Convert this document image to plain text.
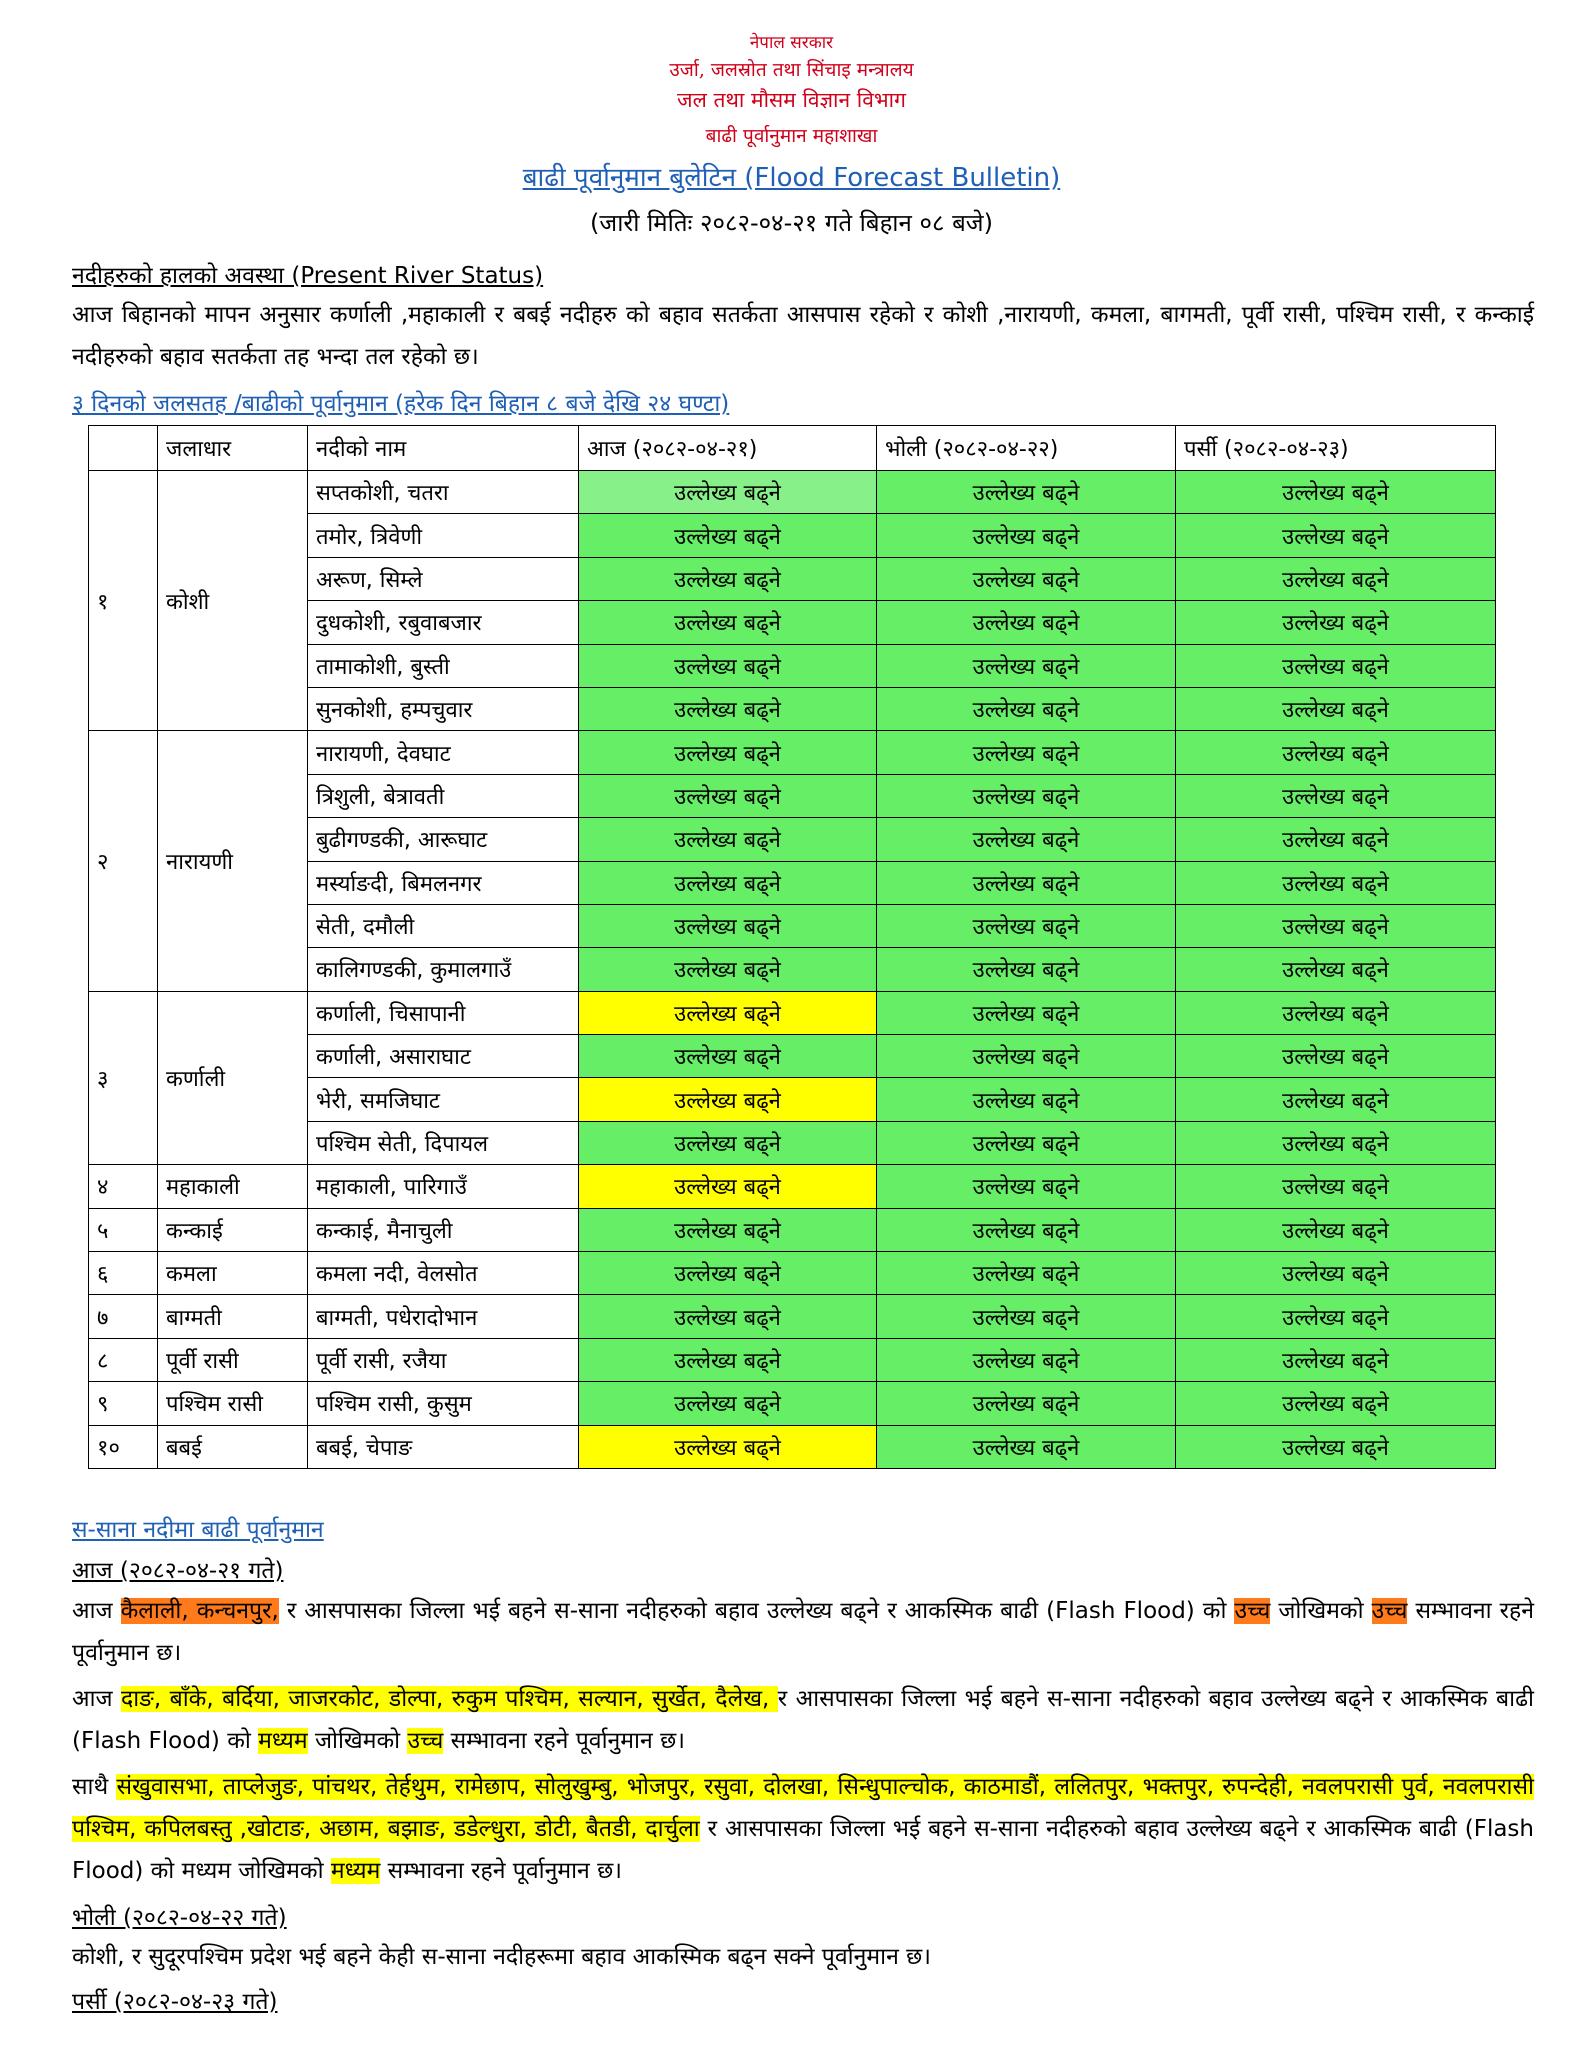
नेपाल सरकार
उर्जा, जलस्रोत तथा सिंचाइ मन्त्रालय
जल तथा मौसम विज्ञान विभाग
बाढी पूर्वानुमान महाशाखा
बाढी पूर्वानुमान बुलेटिन (Flood Forecast Bulletin)
(जारी मितिः २०८२-०४-२१ गते बिहान ०८ बजे)
नदीहरुको हालको अवस्था (Present River Status)
आज बिहानको मापन अनुसार कर्णाली ,महाकाली र बबई नदीहरु को बहाव सतर्कता आसपास रहेको र कोशी ,नारायणी, कमला, बागमती, पूर्वी रासी, पश्चिम रासी, र कन्काई नदीहरुको बहाव सतर्कता तह भन्दा तल रहेको छ।
३ दिनको जलसतह /बाढीको पूर्वानुमान (हरेक दिन बिहान ८ बजे देखि २४ घण्टा)
	जलाधार	नदीको नाम	आज (२०८२-०४-२१)	भोली (२०८२-०४-२२)	पर्सी (२०८२-०४-२३)
१	कोशी	सप्तकोशी, चतरा	उल्लेख्य बढ्ने	उल्लेख्य बढ्ने	उल्लेख्य बढ्ने
		तमोर, त्रिवेणी	उल्लेख्य बढ्ने	उल्लेख्य बढ्ने	उल्लेख्य बढ्ने
		अरूण, सिम्ले	उल्लेख्य बढ्ने	उल्लेख्य बढ्ने	उल्लेख्य बढ्ने
		दुधकोशी, रबुवाबजार	उल्लेख्य बढ्ने	उल्लेख्य बढ्ने	उल्लेख्य बढ्ने
		तामाकोशी, बुस्ती	उल्लेख्य बढ्ने	उल्लेख्य बढ्ने	उल्लेख्य बढ्ने
		सुनकोशी, हम्पचुवार	उल्लेख्य बढ्ने	उल्लेख्य बढ्ने	उल्लेख्य बढ्ने
२	नारायणी	नारायणी, देवघाट	उल्लेख्य बढ्ने	उल्लेख्य बढ्ने	उल्लेख्य बढ्ने
		त्रिशुली, बेत्रावती	उल्लेख्य बढ्ने	उल्लेख्य बढ्ने	उल्लेख्य बढ्ने
		बुढीगण्डकी, आरूघाट	उल्लेख्य बढ्ने	उल्लेख्य बढ्ने	उल्लेख्य बढ्ने
		मर्स्याङदी, बिमलनगर	उल्लेख्य बढ्ने	उल्लेख्य बढ्ने	उल्लेख्य बढ्ने
		सेती, दमौली	उल्लेख्य बढ्ने	उल्लेख्य बढ्ने	उल्लेख्य बढ्ने
		कालिगण्डकी, कुमालगाउँ	उल्लेख्य बढ्ने	उल्लेख्य बढ्ने	उल्लेख्य बढ्ने
३	कर्णाली	कर्णाली, चिसापानी	उल्लेख्य बढ्ने	उल्लेख्य बढ्ने	उल्लेख्य बढ्ने
		कर्णाली, असाराघाट	उल्लेख्य बढ्ने	उल्लेख्य बढ्ने	उल्लेख्य बढ्ने
		भेरी, समजिघाट	उल्लेख्य बढ्ने	उल्लेख्य बढ्ने	उल्लेख्य बढ्ने
		पश्चिम सेती, दिपायल	उल्लेख्य बढ्ने	उल्लेख्य बढ्ने	उल्लेख्य बढ्ने
४	महाकाली	महाकाली, पारिगाउँ	उल्लेख्य बढ्ने	उल्लेख्य बढ्ने	उल्लेख्य बढ्ने
५	कन्काई	कन्काई, मैनाचुली	उल्लेख्य बढ्ने	उल्लेख्य बढ्ने	उल्लेख्य बढ्ने
६	कमला	कमला नदी, वेलसोत	उल्लेख्य बढ्ने	उल्लेख्य बढ्ने	उल्लेख्य बढ्ने
७	बाग्मती	बाग्मती, पधेरादोभान	उल्लेख्य बढ्ने	उल्लेख्य बढ्ने	उल्लेख्य बढ्ने
८	पूर्वी रासी	पूर्वी रासी, रजैया	उल्लेख्य बढ्ने	उल्लेख्य बढ्ने	उल्लेख्य बढ्ने
९	पश्चिम रासी	पश्चिम रासी, कुसुम	उल्लेख्य बढ्ने	उल्लेख्य बढ्ने	उल्लेख्य बढ्ने
१०	बबई	बबई, चेपाङ	उल्लेख्य बढ्ने	उल्लेख्य बढ्ने	उल्लेख्य बढ्ने
स-साना नदीमा बाढी पूर्वानुमान
आज (२०८२-०४-२१ गते)
आज कैलाली, कन्चनपुर, र आसपासका जिल्ला भई बहने स-साना नदीहरुको बहाव उल्लेख्य बढ्ने र आकस्मिक बाढी (Flash Flood) को उच्च जोखिमको उच्च सम्भावना रहने पूर्वानुमान छ।
आज दाङ, बाँके, बर्दिया, जाजरकोट, डोल्पा, रुकुम पश्चिम, सल्यान, सुर्खेत, दैलेख, र आसपासका जिल्ला भई बहने स-साना नदीहरुको बहाव उल्लेख्य बढ्ने र आकस्मिक बाढी (Flash Flood) को मध्यम जोखिमको उच्च सम्भावना रहने पूर्वानुमान छ।
साथै संखुवासभा, ताप्लेजुङ, पांचथर, तेर्हथुम, रामेछाप, सोलुखुम्बु, भोजपुर, रसुवा, दोलखा, सिन्धुपाल्चोक, काठमाडौं, ललितपुर, भक्तपुर, रुपन्देही, नवलपरासी पुर्व, नवलपरासी पश्चिम, कपिलबस्तु ,खोटाङ, अछाम, बझाङ, डडेल्धुरा, डोटी, बैतडी, दार्चुला र आसपासका जिल्ला भई बहने स-साना नदीहरुको बहाव उल्लेख्य बढ्ने र आकस्मिक बाढी (Flash Flood) को मध्यम जोखिमको मध्यम सम्भावना रहने पूर्वानुमान छ।
भोली (२०८२-०४-२२ गते)
कोशी, र सुदूरपश्चिम प्रदेश भई बहने केही स-साना नदीहरूमा बहाव आकस्मिक बढ्न सक्ने पूर्वानुमान छ।
पर्सी (२०८२-०४-२३ गते)
